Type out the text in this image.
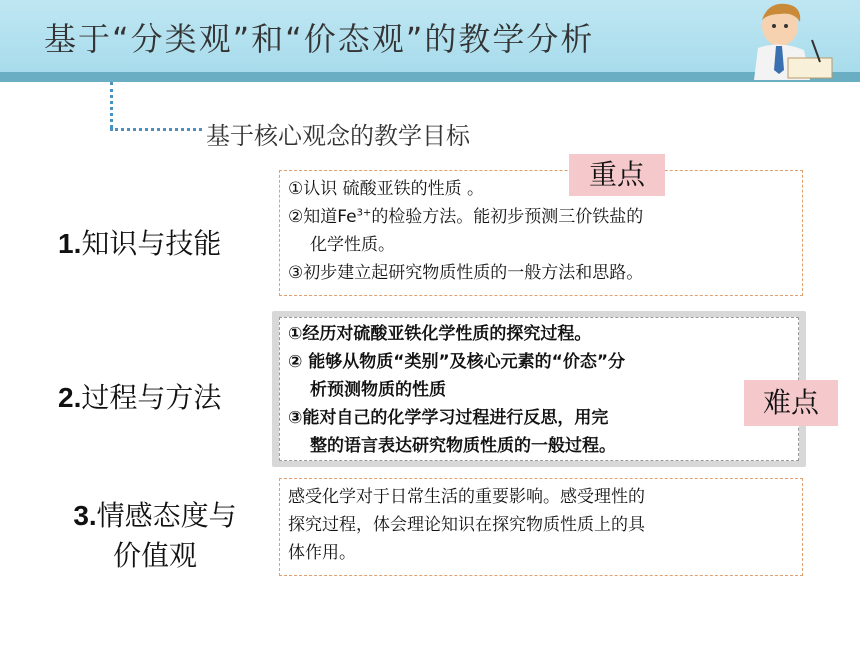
基于“分类观”和“价态观”的教学分析
基于核心观念的教学目标
1.知识与技能
①认识 硫酸亚铁的性质 。
②知道$Fe^{3+}$的检验方法。能初步预测三价铁盐的
化学性质。
③初步建立起研究物质性质的一般方法和思路。
重点
2.过程与方法
①经历对硫酸亚铁化学性质的探究过程。
② 能够从物质“类别”及核心元素的“价态”分
析预测物质的性质
③能对自己的化学学习过程进行反思，用完
整的语言表达研究物质性质的一般过程。
难点
3.情感态度与
价值观
感受化学对于日常生活的重要影响。感受理性的
探究过程，体会理论知识在探究物质性质上的具
体作用。
